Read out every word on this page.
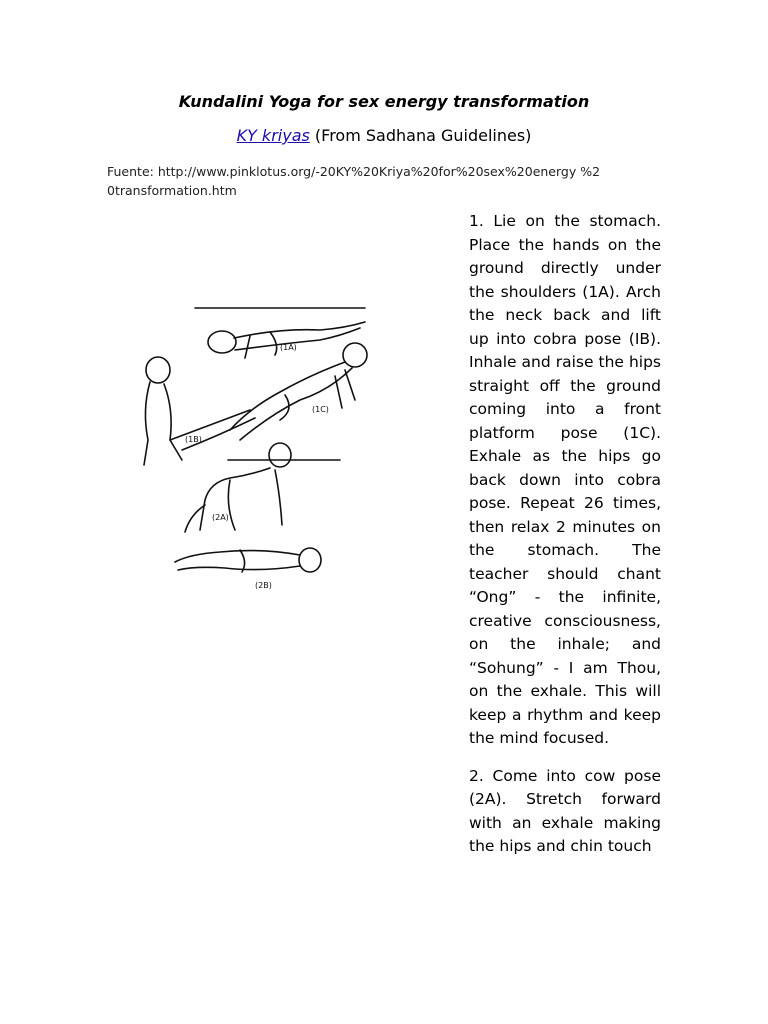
Kundalini Yoga for sex energy transformation
KY kriyas (From Sadhana Guidelines)
Fuente: http://www.pinklotus.org/-20KY%20Kriya%20for%20sex%20energy %20transformation.htm
(1A)
(1B)
(1C)
(2A)
(2B)

1. Lie on the stomach. Place the hands on the ground directly under the shoulders (1A). Arch the neck back and lift up into cobra pose (IB). Inhale and raise the hips straight off the ground coming into a front platform pose (1C). Exhale as the hips go back down into cobra pose. Repeat 26 times, then relax 2 minutes on the stomach. The teacher should chant “Ong” - the infinite, creative consciousness, on the inhale; and “Sohung” - I am Thou, on the exhale. This will keep a rhythm and keep the mind focused.

2. Come into cow pose (2A). Stretch forward with an exhale making the hips and chin touch
